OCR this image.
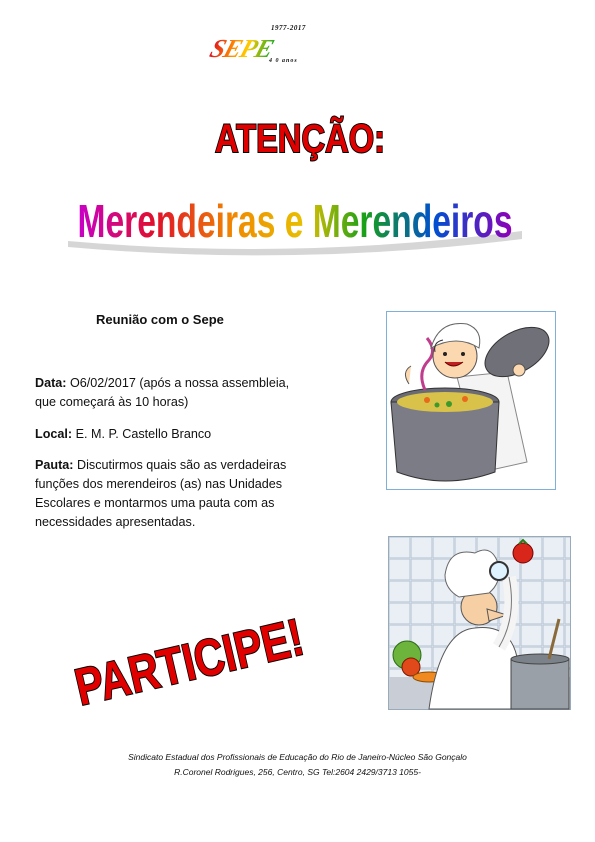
1977-2017
SEPE
4 0 anos
ATENÇÃO:
Merendeiras e Merendeiros
Reunião com o Sepe
Data: O6/02/2017 (após a nossa assembleia, que começará às 10 horas)
Local: E. M. P. Castello Branco
Pauta: Discutirmos quais são as verdadeiras funções dos merendeiros (as) nas Unidades Escolares e montarmos uma pauta com as necessidades apresentadas.
PARTICIPE!
Sindicato Estadual dos Profissionais de Educação do Rio de Janeiro-Núcleo São Gonçalo
R.Coronel Rodrigues, 256, Centro, SG Tel:2604 2429/3713 1055-
